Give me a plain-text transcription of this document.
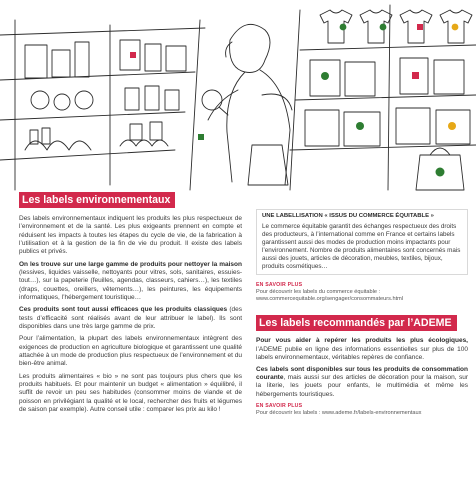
Les labels environnementaux

Des labels environnementaux indiquent les produits les plus respectueux de l’environnement et de la santé. Les plus exigeants prennent en compte et réduisent les impacts à toutes les étapes du cycle de vie, de la fabrication à l’utilisation et à la gestion de la fin de vie du produit. Il existe des labels publics et privés.

On les trouve sur une large gamme de produits pour nettoyer la maison (lessives, liquides vaisselle, nettoyants pour vitres, sols, sanitaires, essuies-tout…), sur la papeterie (feuilles, agendas, classeurs, cahiers…), les textiles (draps, couettes, oreillers, vêtements…), les peintures, les équipements informatiques, l’hébergement touristique…

Ces produits sont tout aussi efficaces que les produits classiques (des tests d’efficacité sont réalisés avant de leur attribuer le label). Ils sont disponibles dans une très large gamme de prix.

Pour l’alimentation, la plupart des labels environnementaux intègrent des exigences de production en agriculture biologique et garantissent une qualité attachée à un mode de production plus respectueux de l’environnement et du bien-être animal.

Les produits alimentaires « bio » ne sont pas toujours plus chers que les produits habituels. Et pour maintenir un budget « alimentation » équilibré, il suffit de revoir un peu ses habitudes (consommer moins de viande et de poisson en privilégiant la qualité et le local, rechercher des fruits et légumes de saison par exemple). Autre conseil utile : comparer les prix au kilo !

UNE LABELLISATION « ISSUS DU COMMERCE ÉQUITABLE »

Le commerce équitable garantit des échanges respectueux des droits des producteurs, à l’international comme en France et certains labels garantissent aussi des modes de production moins impactants pour l’environnement. Nombre de produits alimentaires sont concernés mais aussi des jouets, articles de décoration, meubles, textiles, bijoux, produits cosmétiques…

EN SAVOIR PLUS
Pour découvrir les labels du commerce équitable :
www.commercequitable.org/sengager/consommateurs.html
Les labels recommandés par l’ADEME

Pour vous aider à repérer les produits les plus écologiques, l’ADEME publie en ligne des informations essentielles sur plus de 100 labels environnementaux, véritables repères de confiance.

Ces labels sont disponibles sur tous les produits de consommation courante, mais aussi sur des articles de décoration pour la maison, sur la literie, les jouets pour enfants, le multimédia et même les hébergements touristiques.

EN SAVOIR PLUS
Pour découvrir les labels : www.ademe.fr/labels-environnementaux
